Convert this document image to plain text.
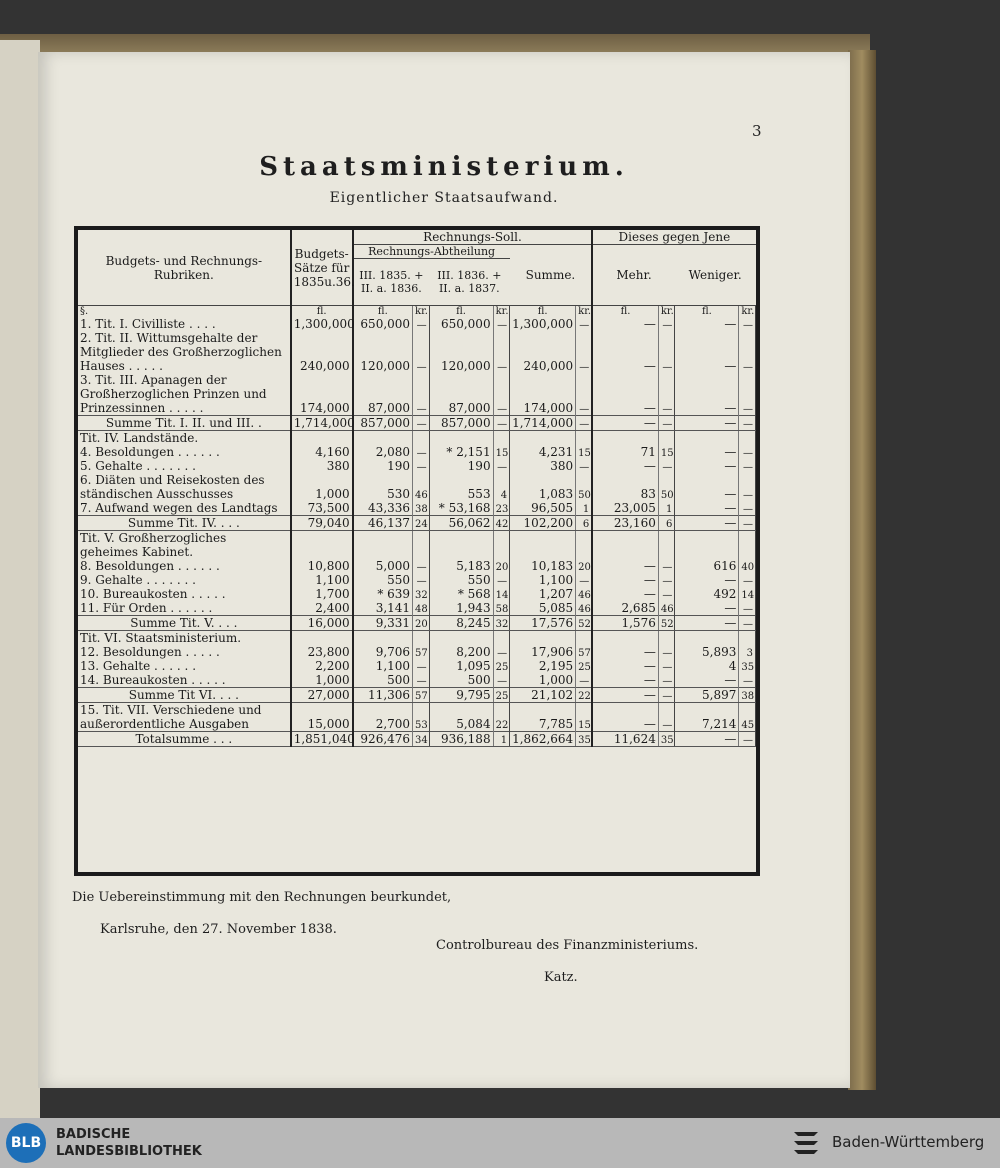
3
Staatsministerium.
Eigentlicher Staatsaufwand.
Budgets- und Rechnungs- Rubriken.	Budgets-Sätze für 1835u.36.	Rechnungs-Soll.						Dieses gegen Jene			
		Rechnungs-Abtheilung				Summe.		Mehr.		Weniger.	
		III. 1835. + II. a. 1836.		III. 1836. + II. a. 1837.							
§.	fl.	fl.	kr.	fl.	kr.	fl.	kr.	fl.	kr.	fl.	kr.
1. Tit. I. Civilliste . . . .	1,300,000	650,000	—	650,000	—	1,300,000	—	—	—	—	—
2. Tit. II. Wittumsgehalte der Mitglieder des Großherzoglichen Hauses . . . . .	240,000	120,000	—	120,000	—	240,000	—	—	—	—	—
3. Tit. III. Apanagen der Großherzoglichen Prinzen und Prinzessinnen . . . . .	174,000	87,000	—	87,000	—	174,000	—	—	—	—	—
Summe Tit. I. II. und III. .	1,714,000	857,000	—	857,000	—	1,714,000	—	—	—	—	—
Tit. IV. Landstände.											
4. Besoldungen . . . . . .	4,160	2,080	—	* 2,151	15	4,231	15	71	15	—	—
5. Gehalte . . . . . . .	380	190	—	190	—	380	—	—	—	—	—
6. Diäten und Reisekosten des ständischen Ausschusses	1,000	530	46	553	4	1,083	50	83	50	—	—
7. Aufwand wegen des Landtags	73,500	43,336	38	* 53,168	23	96,505	1	23,005	1	—	—
Summe Tit. IV. . . .	79,040	46,137	24	56,062	42	102,200	6	23,160	6	—	—
Tit. V. Großherzogliches geheimes Kabinet.											
8. Besoldungen . . . . . .	10,800	5,000	—	5,183	20	10,183	20	—	—	616	40
9. Gehalte . . . . . . .	1,100	550	—	550	—	1,100	—	—	—	—	—
10. Bureaukosten . . . . .	1,700	* 639	32	* 568	14	1,207	46	—	—	492	14
11. Für Orden . . . . . .	2,400	3,141	48	1,943	58	5,085	46	2,685	46	—	—
Summe Tit. V. . . .	16,000	9,331	20	8,245	32	17,576	52	1,576	52	—	—
Tit. VI. Staatsministerium.											
12. Besoldungen . . . . .	23,800	9,706	57	8,200	—	17,906	57	—	—	5,893	3
13. Gehalte . . . . . .	2,200	1,100	—	1,095	25	2,195	25	—	—	4	35
14. Bureaukosten . . . . .	1,000	500	—	500	—	1,000	—	—	—	—	—
Summe Tit VI. . . .	27,000	11,306	57	9,795	25	21,102	22	—	—	5,897	38
15. Tit. VII. Verschiedene und außerordentliche Ausgaben	15,000	2,700	53	5,084	22	7,785	15	—	—	7,214	45
Totalsumme . . .	1,851,040	926,476	34	936,188	1	1,862,664	35	11,624	35	—	—
Die Uebereinstimmung mit den Rechnungen beurkundet,
Karlsruhe, den 27. November 1838.
Controlbureau des Finanzministeriums.
Katz.
BLB
BADISCHE
LANDESBIBLIOTHEK
Baden-Württemberg
